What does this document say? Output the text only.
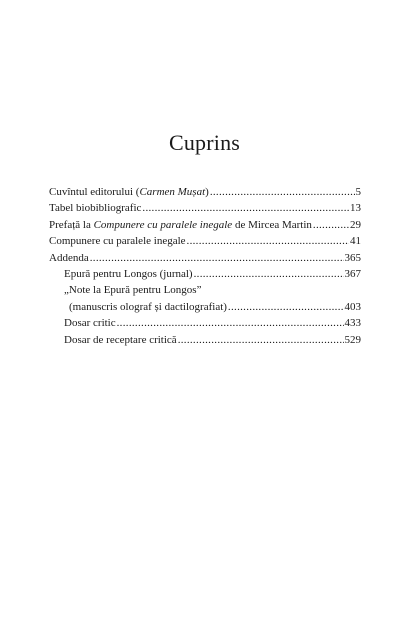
Cuprins
Cuvîntul editorului (Carmen Mușat) .....	5
Tabel biobibliografic .....	13
Prefață la Compunere cu paralele inegale de Mircea Martin .....	29
Compunere cu paralele inegale .....	41
Addenda .....	365
Epură pentru Longos (jurnal) .....	367
„Note la Epură pentru Longos”
(manuscris olograf și dactilografiat) .....	403
Dosar critic .....	433
Dosar de receptare critică .....	529
